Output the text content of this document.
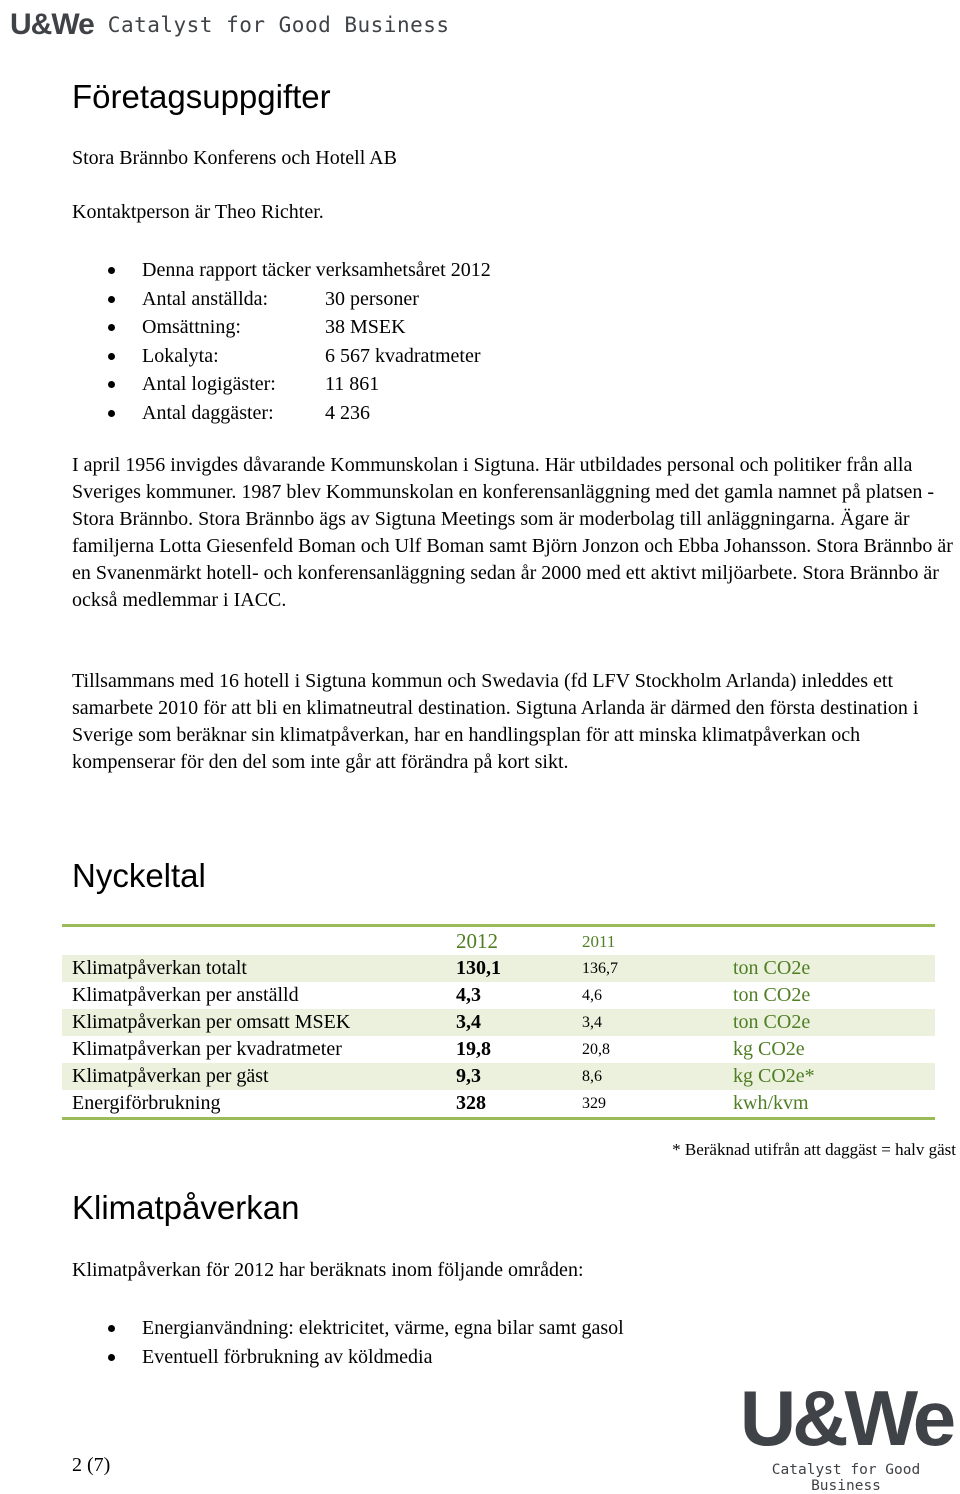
U&We Catalyst for Good Business
Företagsuppgifter
Stora Brännbo Konferens och Hotell AB
Kontaktperson är Theo Richter.
Denna rapport täcker verksamhetsåret 2012
Antal anställda:	30 personer
Omsättning:	38 MSEK
Lokalyta:	6 567 kvadratmeter
Antal logigäster:	11 861
Antal daggäster:	4 236

I april 1956 invigdes dåvarande Kommunskolan i Sigtuna. Här utbildades personal och politiker från alla Sveriges kommuner. 1987 blev Kommunskolan en konferensanläggning med det gamla namnet på platsen - Stora Brännbo. Stora Brännbo ägs av Sigtuna Meetings som är moderbolag till anläggningarna. Ägare är familjerna Lotta Giesenfeld Boman och Ulf Boman samt Björn Jonzon och Ebba Johansson. Stora Brännbo är en Svanenmärkt hotell- och konferensanläggning sedan år 2000 med ett aktivt miljöarbete. Stora Brännbo är också medlemmar i IACC.

Tillsammans med 16 hotell i Sigtuna kommun och Swedavia (fd LFV Stockholm Arlanda) inleddes ett samarbete 2010 för att bli en klimatneutral destination. Sigtuna Arlanda är därmed den första destination i Sverige som beräknar sin klimatpåverkan, har en handlingsplan för att minska klimatpåverkan och kompenserar för den del som inte går att förändra på kort sikt.

Nyckeltal
	2012	2011	
Klimatpåverkan totalt	130,1	136,7	ton CO2e
Klimatpåverkan per anställd	4,3	4,6	ton CO2e
Klimatpåverkan per omsatt MSEK	3,4	3,4	ton CO2e
Klimatpåverkan per kvadratmeter	19,8	20,8	kg CO2e
Klimatpåverkan per gäst	9,3	8,6	kg CO2e*
Energiförbrukning	328	329	kwh/kvm
* Beräknad utifrån att daggäst = halv gäst
Klimatpåverkan
Klimatpåverkan för 2012 har beräknats inom följande områden:
Energianvändning: elektricitet, värme, egna bilar samt gasol
Eventuell förbrukning av köldmedia
U&We
Catalyst for Good Business
2 (7)
